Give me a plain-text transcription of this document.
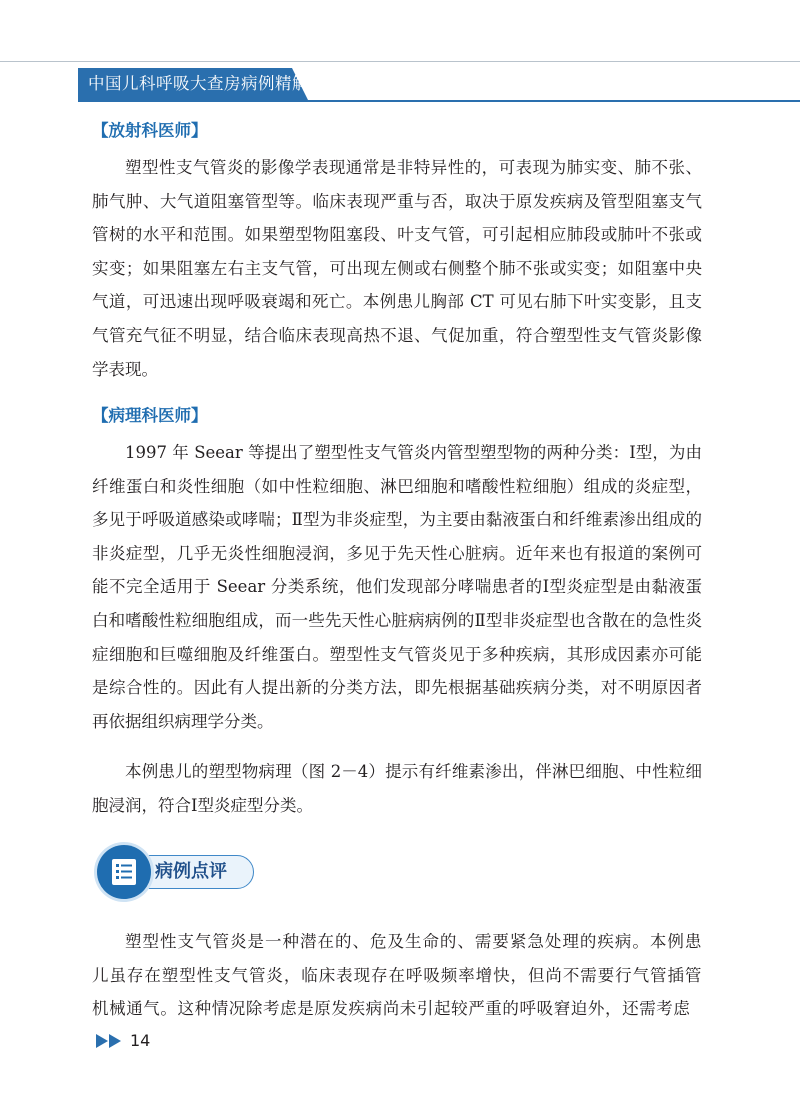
中国儿科呼吸大查房病例精解
【放射科医师】

塑型性支气管炎的影像学表现通常是非特异性的，可表现为肺实变、肺不张、肺气肿、大气道阻塞管型等。临床表现严重与否，取决于原发疾病及管型阻塞支气管树的水平和范围。如果塑型物阻塞段、叶支气管，可引起相应肺段或肺叶不张或实变；如果阻塞左右主支气管，可出现左侧或右侧整个肺不张或实变；如阻塞中央气道，可迅速出现呼吸衰竭和死亡。本例患儿胸部 CT 可见右肺下叶实变影，且支气管充气征不明显，结合临床表现高热不退、气促加重，符合塑型性支气管炎影像学表现。

【病理科医师】

1997 年 Seear 等提出了塑型性支气管炎内管型塑型物的两种分类：Ⅰ型，为由纤维蛋白和炎性细胞（如中性粒细胞、淋巴细胞和嗜酸性粒细胞）组成的炎症型，多见于呼吸道感染或哮喘；Ⅱ型为非炎症型，为主要由黏液蛋白和纤维素渗出组成的非炎症型，几乎无炎性细胞浸润，多见于先天性心脏病。近年来也有报道的案例可能不完全适用于 Seear 分类系统，他们发现部分哮喘患者的Ⅰ型炎症型是由黏液蛋白和嗜酸性粒细胞组成，而一些先天性心脏病病例的Ⅱ型非炎症型也含散在的急性炎症细胞和巨噬细胞及纤维蛋白。塑型性支气管炎见于多种疾病，其形成因素亦可能是综合性的。因此有人提出新的分类方法，即先根据基础疾病分类，对不明原因者再依据组织病理学分类。

本例患儿的塑型物病理（图 2－4）提示有纤维素渗出，伴淋巴细胞、中性粒细胞浸润，符合Ⅰ型炎症型分类。

病例点评

塑型性支气管炎是一种潜在的、危及生命的、需要紧急处理的疾病。本例患儿虽存在塑型性支气管炎，临床表现存在呼吸频率增快，但尚不需要行气管插管机械通气。这种情况除考虑是原发疾病尚未引起较严重的呼吸窘迫外，还需考虑

14
